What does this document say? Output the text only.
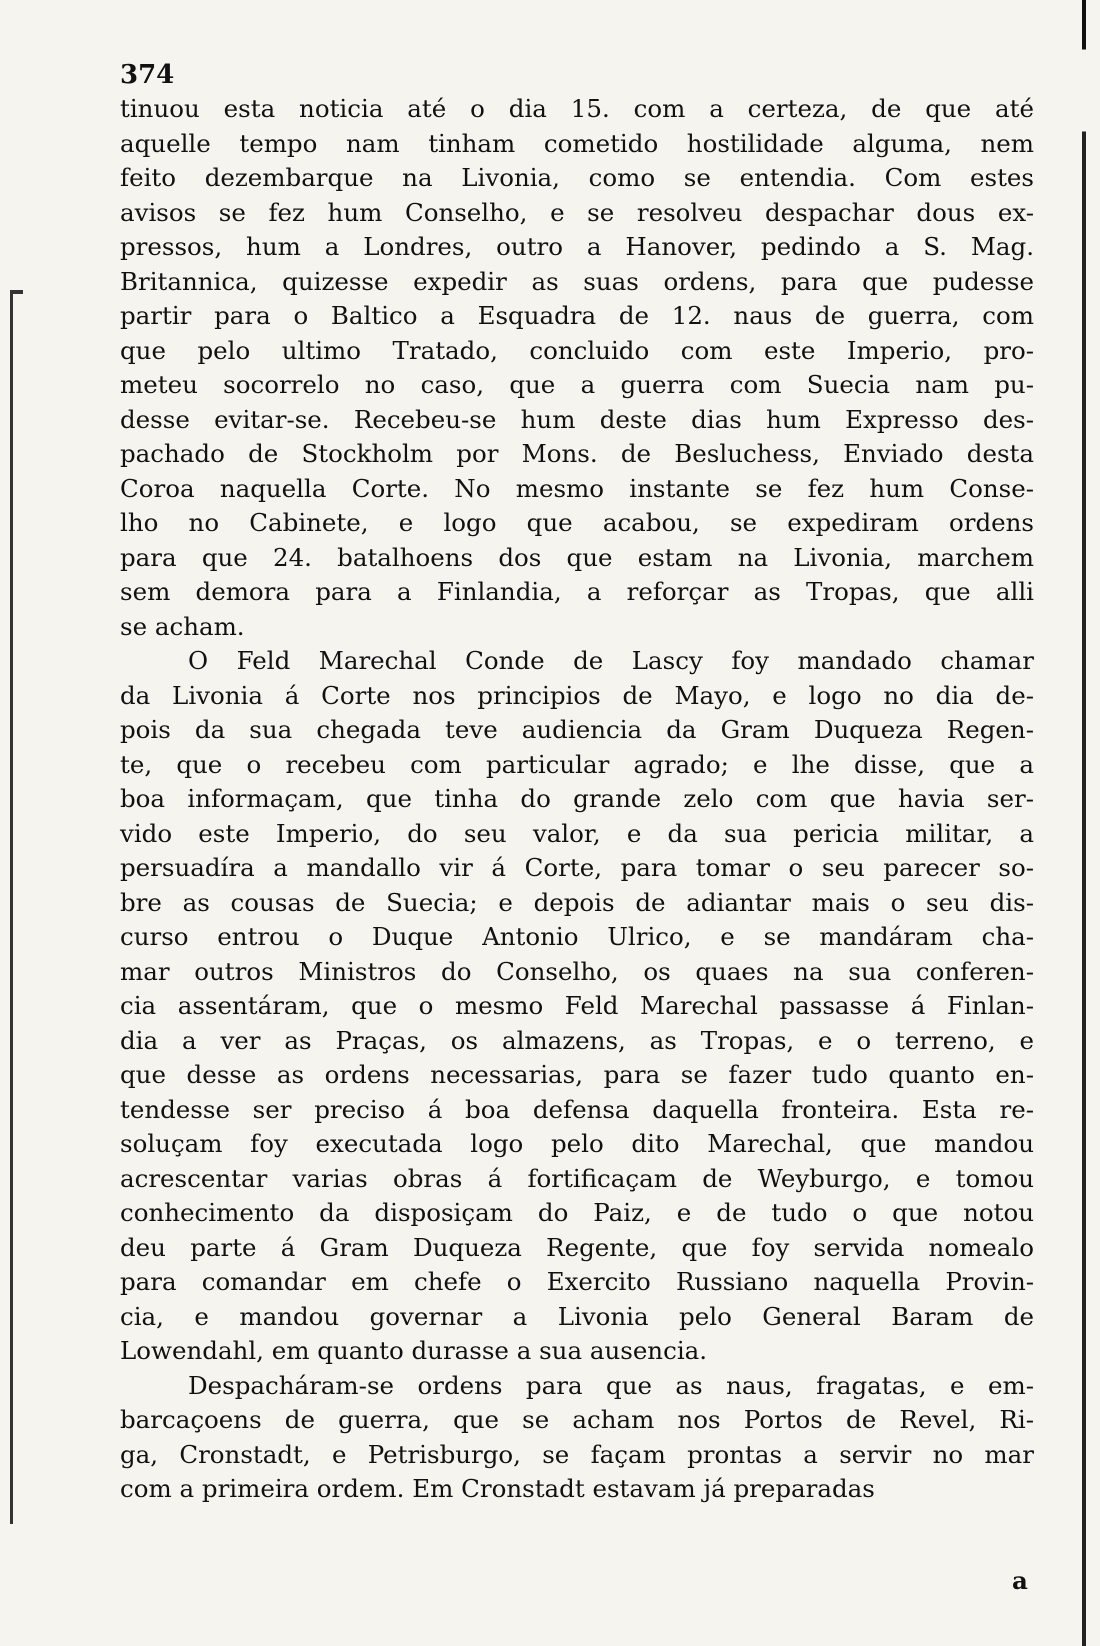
374
tinuou esta noticia até o dia 15. com a certeza, de que até
aquelle tempo nam tinham cometido hostilidade alguma, nem
feito dezembarque na Livonia, como se entendia. Com estes
avisos se fez hum Conselho, e se resolveu despachar dous ex-
pressos, hum a Londres, outro a Hanover, pedindo a S. Mag.
Britannica, quizesse expedir as suas ordens, para que pudesse
partir para o Baltico a Esquadra de 12. naus de guerra, com
que pelo ultimo Tratado, concluido com este Imperio, pro-
meteu socorrelo no caso, que a guerra com Suecia nam pu-
desse evitar-se. Recebeu-se hum deste dias hum Expresso des-
pachado de Stockholm por Mons. de Besluchess, Enviado desta
Coroa naquella Corte. No mesmo instante se fez hum Conse-
lho no Cabinete, e logo que acabou, se expediram ordens
para que 24. batalhoens dos que estam na Livonia, marchem
sem demora para a Finlandia, a reforçar as Tropas, que alli
se acham.
O Feld Marechal Conde de Lascy foy mandado chamar
da Livonia á Corte nos principios de Mayo, e logo no dia de-
pois da sua chegada teve audiencia da Gram Duqueza Regen-
te, que o recebeu com particular agrado; e lhe disse, que a
boa informaçam, que tinha do grande zelo com que havia ser-
vido este Imperio, do seu valor, e da sua pericia militar, a
persuadíra a mandallo vir á Corte, para tomar o seu parecer so-
bre as cousas de Suecia; e depois de adiantar mais o seu dis-
curso entrou o Duque Antonio Ulrico, e se mandáram cha-
mar outros Ministros do Conselho, os quaes na sua conferen-
cia assentáram, que o mesmo Feld Marechal passasse á Finlan-
dia a ver as Praças, os almazens, as Tropas, e o terreno, e
que desse as ordens necessarias, para se fazer tudo quanto en-
tendesse ser preciso á boa defensa daquella fronteira. Esta re-
soluçam foy executada logo pelo dito Marechal, que mandou
acrescentar varias obras á fortificaçam de Weyburgo, e tomou
conhecimento da disposiçam do Paiz, e de tudo o que notou
deu parte á Gram Duqueza Regente, que foy servida nomealo
para comandar em chefe o Exercito Russiano naquella Provin-
cia, e mandou governar a Livonia pelo General Baram de
Lowendahl, em quanto durasse a sua ausencia.
Despacháram-se ordens para que as naus, fragatas, e em-
barcaçoens de guerra, que se acham nos Portos de Revel, Ri-
ga, Cronstadt, e Petrisburgo, se façam prontas a servir no mar
com a primeira ordem. Em Cronstadt estavam já preparadas
a
